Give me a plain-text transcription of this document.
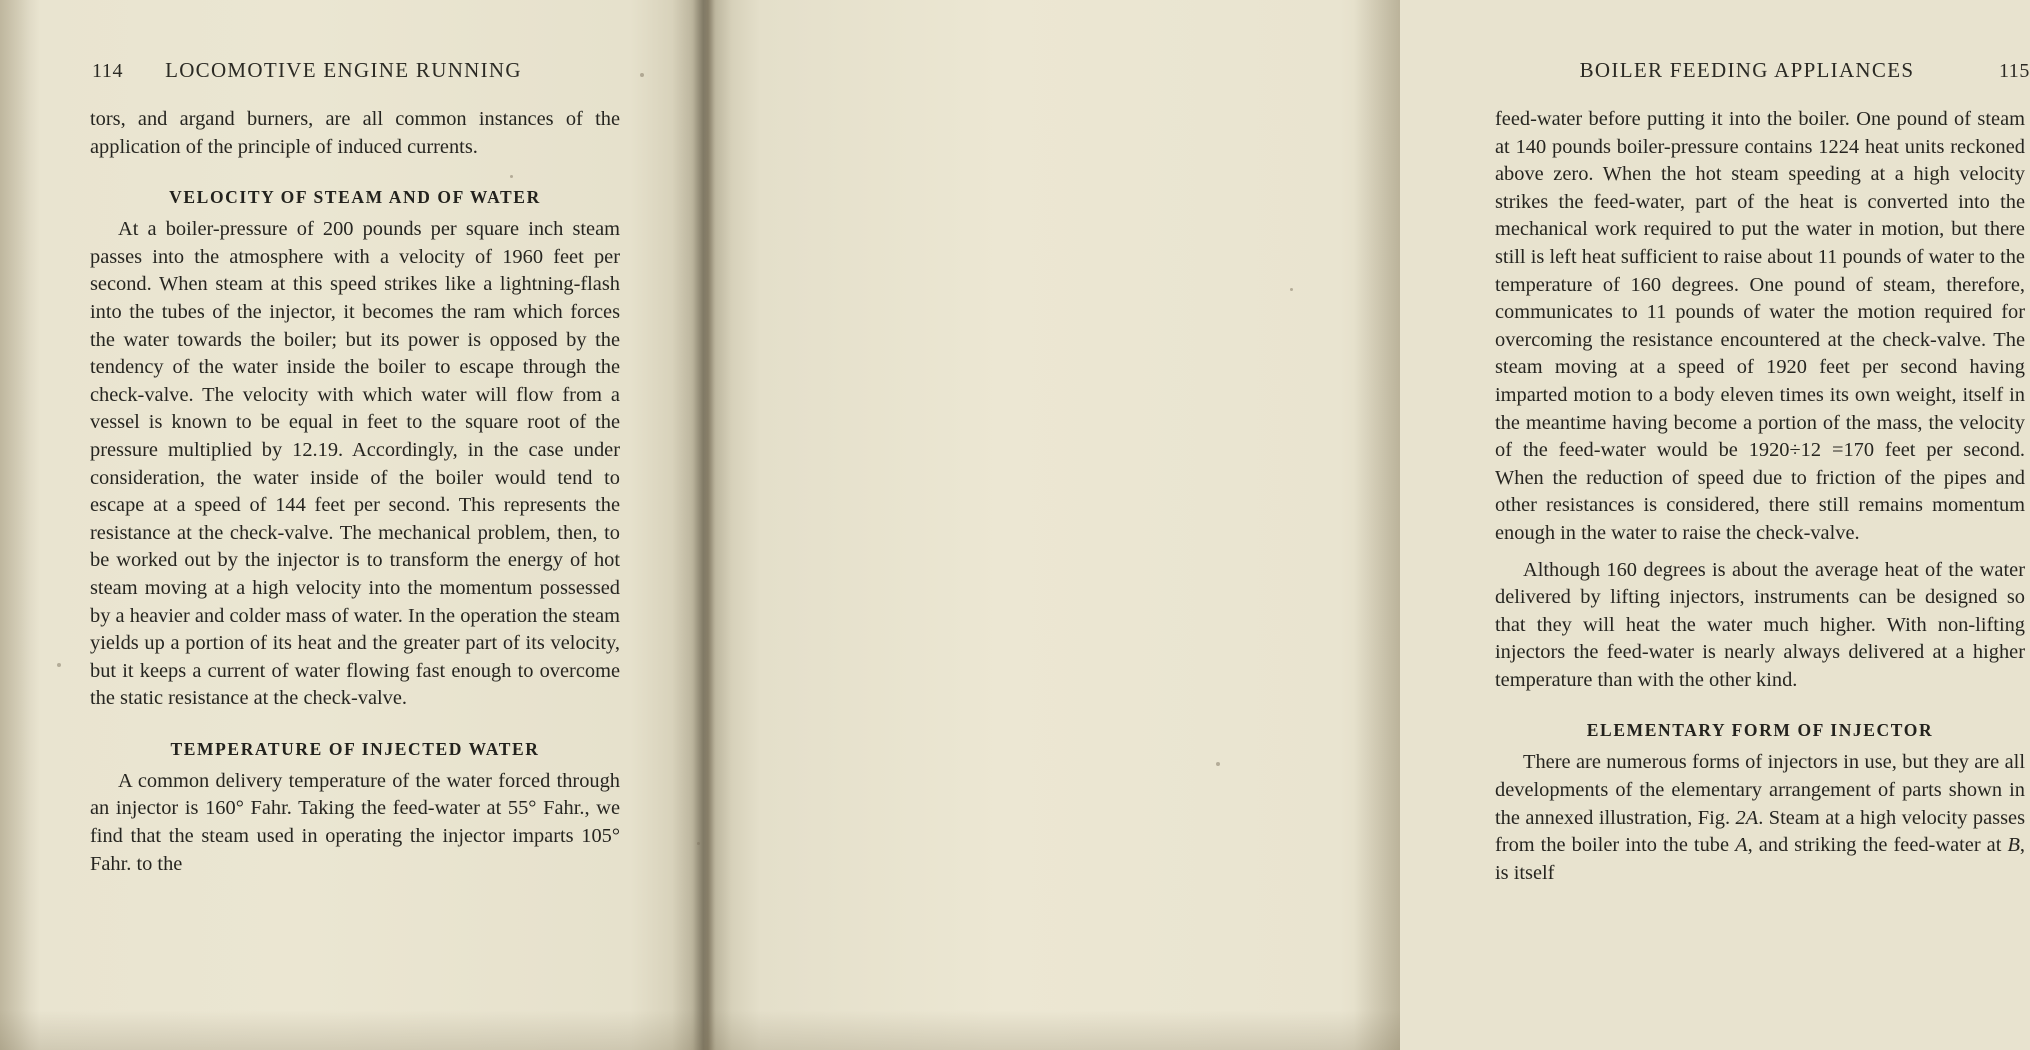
114 LOCOMOTIVE ENGINE RUNNING

tors, and argand burners, are all common instances of the application of the principle of induced currents.

VELOCITY OF STEAM AND OF WATER

At a boiler-pressure of 200 pounds per square inch steam passes into the atmosphere with a velocity of 1960 feet per second. When steam at this speed strikes like a lightning-flash into the tubes of the injector, it becomes the ram which forces the water towards the boiler; but its power is opposed by the tendency of the water inside the boiler to escape through the check-valve. The velocity with which water will flow from a vessel is known to be equal in feet to the square root of the pressure multiplied by 12.19. Accordingly, in the case under consideration, the water inside of the boiler would tend to escape at a speed of 144 feet per second. This represents the resistance at the check-valve. The mechanical problem, then, to be worked out by the injector is to transform the energy of hot steam moving at a high velocity into the momentum possessed by a heavier and colder mass of water. In the operation the steam yields up a portion of its heat and the greater part of its velocity, but it keeps a current of water flowing fast enough to overcome the static resistance at the check-valve.

TEMPERATURE OF INJECTED WATER

A common delivery temperature of the water forced through an injector is 160° Fahr. Taking the feed-water at 55° Fahr., we find that the steam used in operating the injector imparts 105° Fahr. to the

BOILER FEEDING APPLIANCES	115

feed-water before putting it into the boiler. One pound of steam at 140 pounds boiler-pressure contains 1224 heat units reckoned above zero. When the hot steam speeding at a high velocity strikes the feed-water, part of the heat is converted into the mechanical work required to put the water in motion, but there still is left heat sufficient to raise about 11 pounds of water to the temperature of 160 degrees. One pound of steam, therefore, communicates to 11 pounds of water the motion required for overcoming the resistance encountered at the check-valve. The steam moving at a speed of 1920 feet per second having imparted motion to a body eleven times its own weight, itself in the meantime having become a portion of the mass, the velocity of the feed-water would be 1920÷12 =170 feet per second. When the reduction of speed due to friction of the pipes and other resistances is considered, there still remains momentum enough in the water to raise the check-valve.

Although 160 degrees is about the average heat of the water delivered by lifting injectors, instruments can be designed so that they will heat the water much higher. With non-lifting injectors the feed-water is nearly always delivered at a higher temperature than with the other kind.

ELEMENTARY FORM OF INJECTOR

There are numerous forms of injectors in use, but they are all developments of the elementary arrangement of parts shown in the annexed illustration, Fig. 2A. Steam at a high velocity passes from the boiler into the tube A, and striking the feed-water at B, is itself
